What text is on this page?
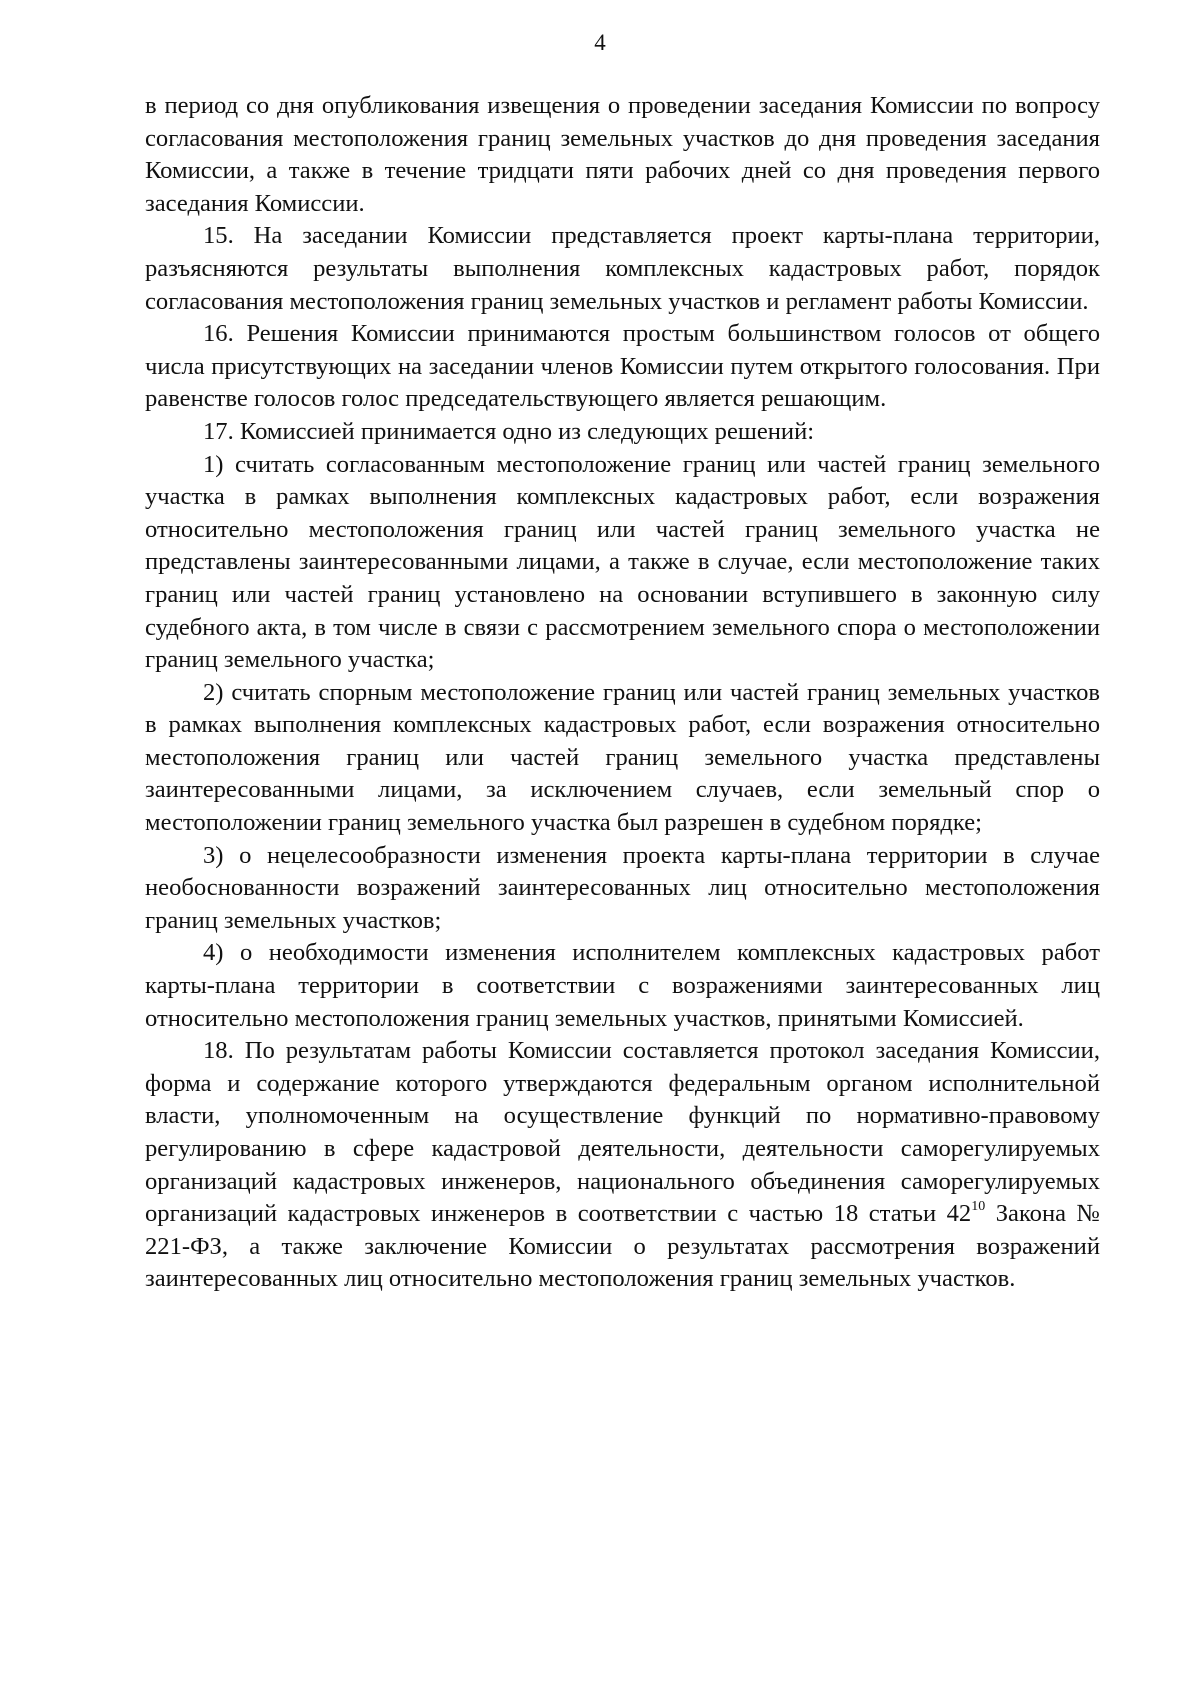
4

в период со дня опубликования извещения о проведении заседания Комиссии по вопросу согласования местоположения границ земельных участков до дня проведения заседания Комиссии, а также в течение тридцати пяти рабочих дней со дня проведения первого заседания Комиссии.

15. На заседании Комиссии представляется проект карты-плана территории, разъясняются результаты выполнения комплексных кадастровых работ, порядок согласования местоположения границ земельных участков и регламент работы Комиссии.

16. Решения Комиссии принимаются простым большинством голосов от общего числа присутствующих на заседании членов Комиссии путем открытого голосования. При равенстве голосов голос председательствующего является решающим.

17. Комиссией принимается одно из следующих решений:

1) считать согласованным местоположение границ или частей границ земельного участка в рамках выполнения комплексных кадастровых работ, если возражения относительно местоположения границ или частей границ земельного участка не представлены заинтересованными лицами, а также в случае, если местоположение таких границ или частей границ установлено на основании вступившего в законную силу судебного акта, в том числе в связи с рассмотрением земельного спора о местоположении границ земельного участка;

2) считать спорным местоположение границ или частей границ земельных участков в рамках выполнения комплексных кадастровых работ, если возражения относительно местоположения границ или частей границ земельного участка представлены заинтересованными лицами, за исключением случаев, если земельный спор о местоположении границ земельного участка был разрешен в судебном порядке;

3) о нецелесообразности изменения проекта карты-плана территории в случае необоснованности возражений заинтересованных лиц относительно местоположения границ земельных участков;

4) о необходимости изменения исполнителем комплексных кадастровых работ карты-плана территории в соответствии с возражениями заинтересованных лиц относительно местоположения границ земельных участков, принятыми Комиссией.

18. По результатам работы Комиссии составляется протокол заседания Комиссии, форма и содержание которого утверждаются федеральным органом исполнительной власти, уполномоченным на осуществление функций по нормативно-правовому регулированию в сфере кадастровой деятельности, деятельности саморегулируемых организаций кадастровых инженеров, национального объединения саморегулируемых организаций кадастровых инженеров в соответствии с частью 18 статьи $42^{10}$ Закона № 221-ФЗ, а также заключение Комиссии о результатах рассмотрения возражений заинтересованных лиц относительно местоположения границ земельных участков.
